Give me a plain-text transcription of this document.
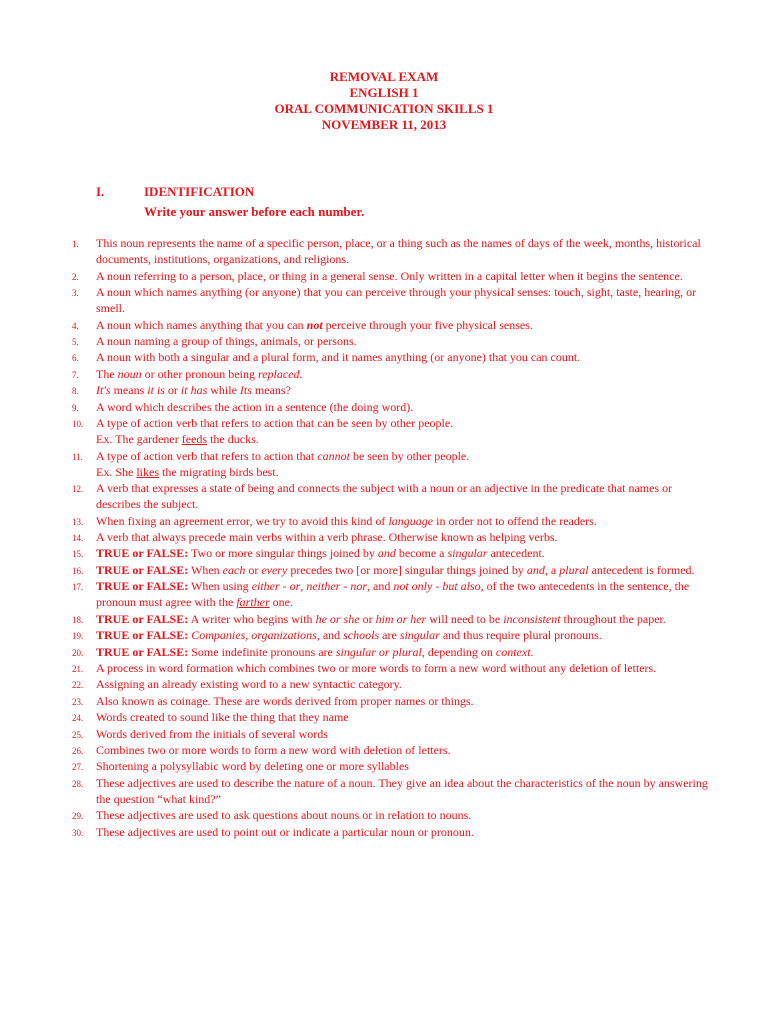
REMOVAL EXAM
ENGLISH 1
ORAL COMMUNICATION SKILLS 1
NOVEMBER 11, 2013
I.	IDENTIFICATION
Write your answer before each number.
1. This noun represents the name of a specific person, place, or a thing such as the names of days of the week, months, historical documents, institutions, organizations, and religions.
2. A noun referring to a person, place, or thing in a general sense. Only written in a capital letter when it begins the sentence.
3. A noun which names anything (or anyone) that you can perceive through your physical senses: touch, sight, taste, hearing, or smell.
4. A noun which names anything that you can not perceive through your five physical senses.
5. A noun naming a group of things, animals, or persons.
6. A noun with both a singular and a plural form, and it names anything (or anyone) that you can count.
7. The noun or other pronoun being replaced.
8. It's means it is or it has while Its means?
9. A word which describes the action in a sentence (the doing word).
10. A type of action verb that refers to action that can be seen by other people.
Ex. The gardener feeds the ducks.
11. A type of action verb that refers to action that cannot be seen by other people.
Ex. She likes the migrating birds best.
12. A verb that expresses a state of being and connects the subject with a noun or an adjective in the predicate that names or describes the subject.
13. When fixing an agreement error, we try to avoid this kind of language in order not to offend the readers.
14. A verb that always precede main verbs within a verb phrase. Otherwise known as helping verbs.
15. TRUE or FALSE: Two or more singular things joined by and become a singular antecedent.
16. TRUE or FALSE: When each or every precedes two [or more] singular things joined by and, a plural antecedent is formed.
17. TRUE or FALSE: When using either - or, neither - nor, and not only - but also, of the two antecedents in the sentence, the pronoun must agree with the farther one.
18. TRUE or FALSE: A writer who begins with he or she or him or her will need to be inconsistent throughout the paper.
19. TRUE or FALSE: Companies, organizations, and schools are singular and thus require plural pronouns.
20. TRUE or FALSE: Some indefinite pronouns are singular or plural, depending on context.
21. A process in word formation which combines two or more words to form a new word without any deletion of letters.
22. Assigning an already existing word to a new syntactic category.
23. Also known as coinage. These are words derived from proper names or things.
24. Words created to sound like the thing that they name
25. Words derived from the initials of several words
26. Combines two or more words to form a new word with deletion of letters.
27. Shortening a polysyllabic word by deleting one or more syllables
28. These adjectives are used to describe the nature of a noun. They give an idea about the characteristics of the noun by answering the question “what kind?”
29. These adjectives are used to ask questions about nouns or in relation to nouns.
30. These adjectives are used to point out or indicate a particular noun or pronoun.
